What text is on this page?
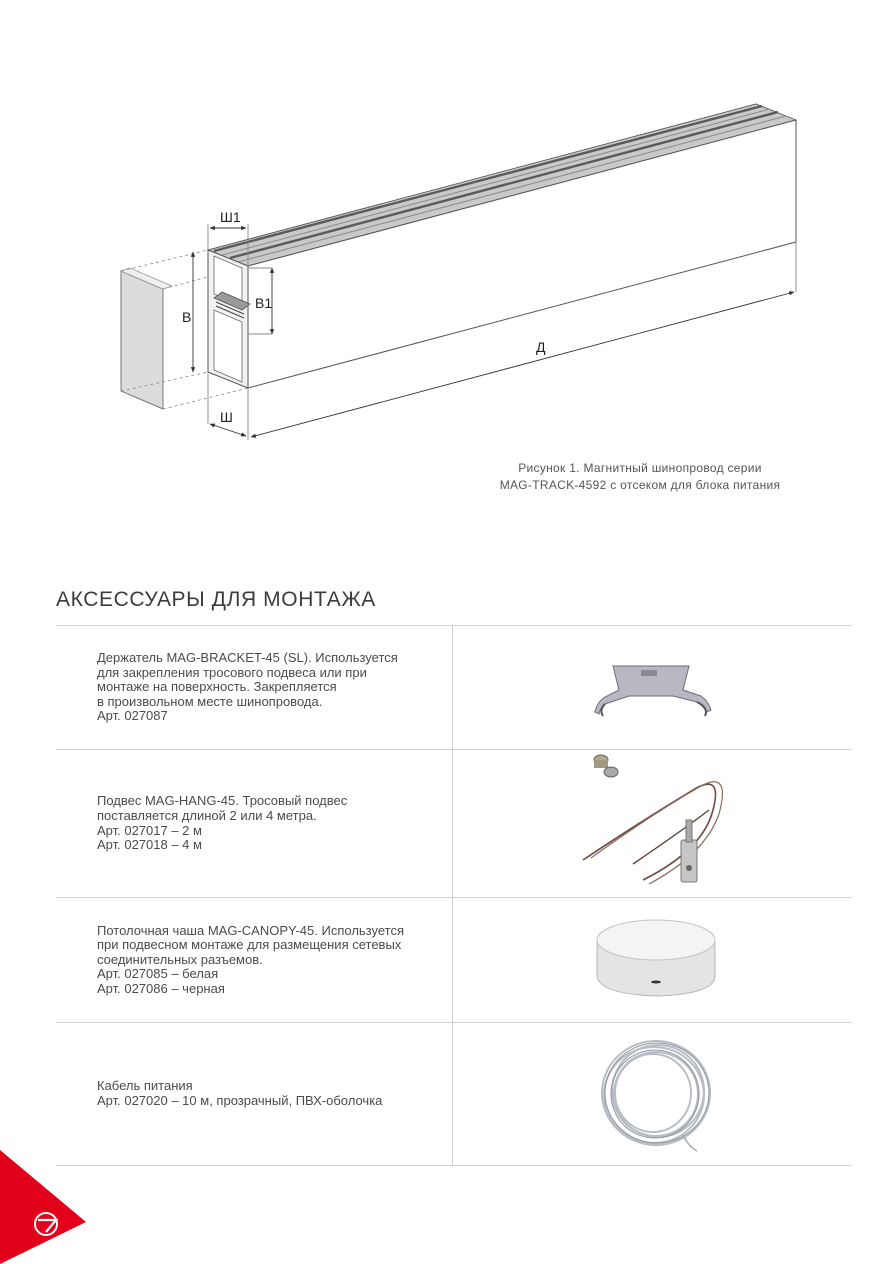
Ш1
В
В1
Ш
Д
Рисунок 1. Магнитный шинопровод серии
MAG-TRACK-4592 с отсеком для блока питания
АКСЕССУАРЫ ДЛЯ МОНТАЖА
Держатель MAG-BRACKET-45 (SL). Используется
для закрепления тросового подвеса или при
монтаже на поверхность. Закрепляется
в произвольном месте шинопровода.
Арт. 027087
Подвес MAG-HANG-45. Тросовый подвес
поставляется длиной 2 или 4 метра.
Арт. 027017 – 2 м
Арт. 027018 – 4 м
Потолочная чаша MAG-CANOPY-45. Используется
при подвесном монтаже для размещения сетевых
соединительных разъемов.
Арт. 027085 – белая
Арт. 027086 – черная
Кабель питания
Арт. 027020 – 10 м, прозрачный, ПВХ-оболочка
